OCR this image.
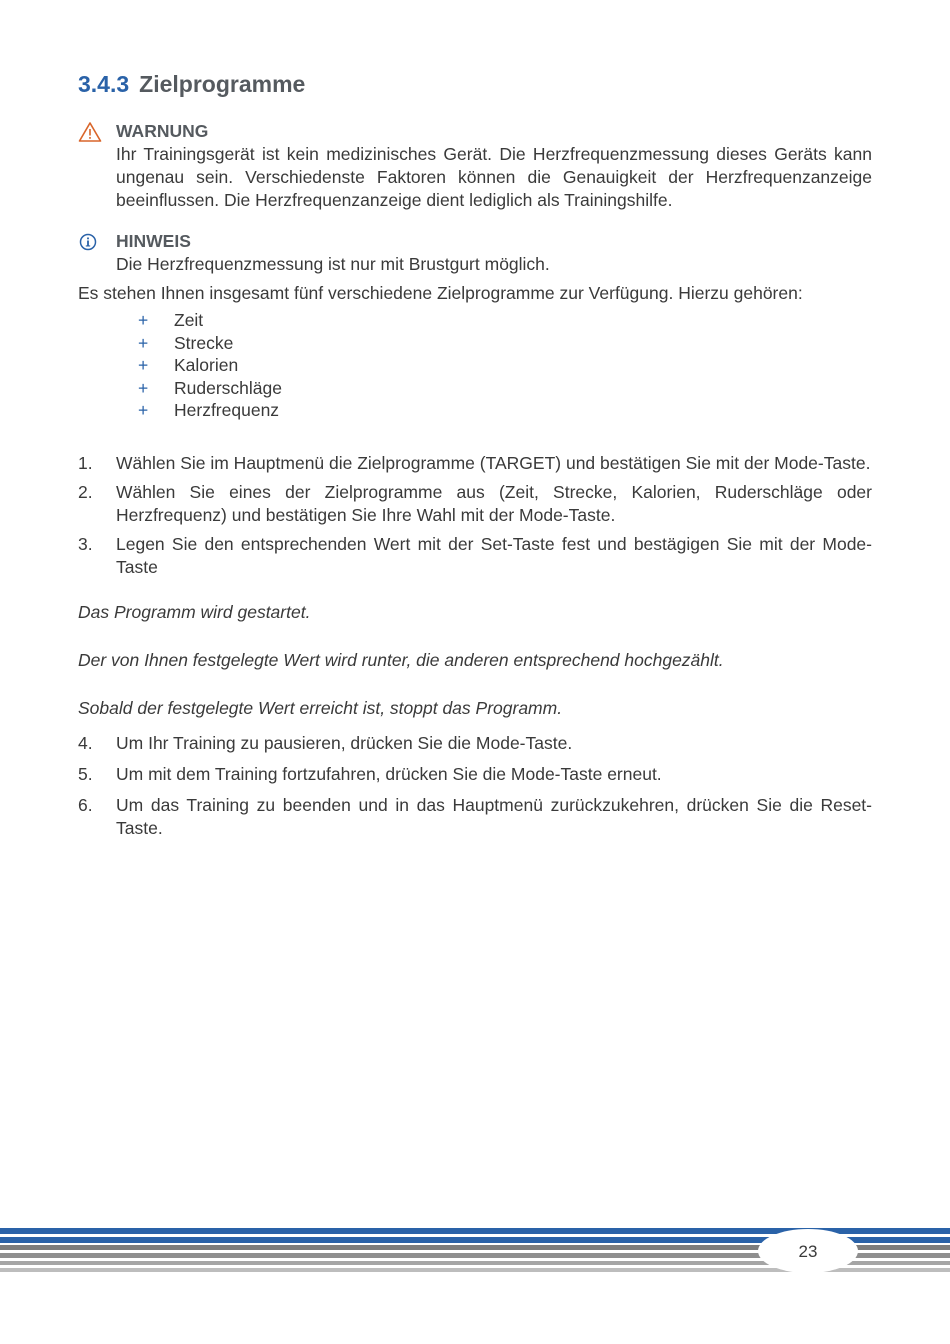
3.4.3 Zielprogramme
WARNUNG
Ihr Trainingsgerät ist kein medizinisches Gerät. Die Herzfrequenzmessung dieses Geräts kann ungenau sein. Verschiedenste Faktoren können die Genauigkeit der Herzfrequenzanzeige beeinflussen. Die Herzfrequenzanzeige dient lediglich als Trainingshilfe.
HINWEIS
Die Herzfrequenzmessung ist nur mit Brustgurt möglich.

Es stehen Ihnen insgesamt fünf verschiedene Zielprogramme zur Verfügung. Hierzu gehören:

+ Zeit
+ Strecke
+ Kalorien
+ Ruderschläge
+ Herzfrequenz
1. Wählen Sie im Hauptmenü die Zielprogramme (TARGET) und bestätigen Sie mit der Mode-Taste.
2. Wählen Sie eines der Zielprogramme aus (Zeit, Strecke, Kalorien, Ruderschläge oder Herzfrequenz) und bestätigen Sie Ihre Wahl mit der Mode-Taste.
3. Legen Sie den entsprechenden Wert mit der Set-Taste fest und bestägigen Sie mit der Mode-Taste

Das Programm wird gestartet.

Der von Ihnen festgelegte Wert wird runter, die anderen entsprechend hochgezählt.

Sobald der festgelegte Wert erreicht ist, stoppt das Programm.

4. Um Ihr Training zu pausieren, drücken Sie die Mode-Taste.
5. Um mit dem Training fortzufahren, drücken Sie die Mode-Taste erneut.
6. Um das Training zu beenden und in das Hauptmenü zurückzukehren, drücken Sie die Reset-Taste.
23
